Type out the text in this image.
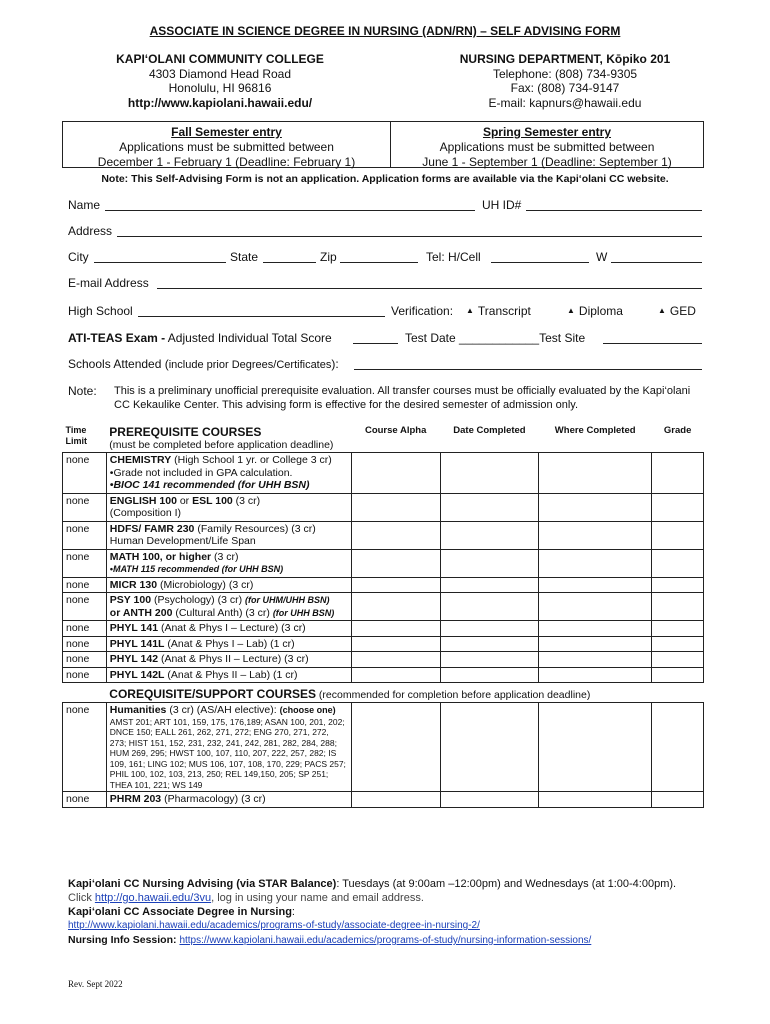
ASSOCIATE IN SCIENCE DEGREE IN NURSING (ADN/RN) – SELF ADVISING FORM
KAPI‘OLANI COMMUNITY COLLEGE
4303 Diamond Head Road
Honolulu, HI 96816
http://www.kapiolani.hawaii.edu/
NURSING DEPARTMENT, Kōpiko 201
Telephone: (808) 734-9305
Fax: (808) 734-9147
E-mail: kapnurs@hawaii.edu
Fall Semester entry
Applications must be submitted between
December 1 - February 1 (Deadline: February 1)
Spring Semester entry
Applications must be submitted between
June 1 - September 1 (Deadline: September 1)
Note: This Self-Advising Form is not an application. Application forms are available via the Kapi‘olani CC website.
Name	UH ID#
Address
City	State	Zip	Tel: H/Cell	W
E-mail Address
High School	Verification: ▲ Transcript	▲ Diploma	▲ GED
ATI-TEAS Exam - Adjusted Individual Total Score	Test Date ____________Test Site
Schools Attended (include prior Degrees/Certificates):
Note: This is a preliminary unofficial prerequisite evaluation. All transfer courses must be officially evaluated by the Kapi‘olani CC Kekaulike Center. This advising form is effective for the desired semester of admission only.
Time Limit	PREREQUISITE COURSES
(must be completed before application deadline)	Course Alpha	Date Completed	Where Completed	Grade
none	CHEMISTRY (High School 1 yr. or College 3 cr)
•Grade not included in GPA calculation.
•BIOC 141 recommended (for UHH BSN)				
none	ENGLISH 100 or ESL 100 (3 cr)
(Composition I)				
none	HDFS/ FAMR 230 (Family Resources) (3 cr)
Human Development/Life Span				
none	MATH 100, or higher (3 cr)
•MATH 115 recommended (for UHH BSN)				
none	MICR 130 (Microbiology) (3 cr)				
none	PSY 100 (Psychology) (3 cr) (for UHM/UHH BSN)
or ANTH 200 (Cultural Anth) (3 cr) (for UHH BSN)				
none	PHYL 141 (Anat & Phys I – Lecture) (3 cr)				
none	PHYL 141L (Anat & Phys I – Lab) (1 cr)				
none	PHYL 142 (Anat & Phys II – Lecture) (3 cr)				
none	PHYL 142L (Anat & Phys II – Lab) (1 cr)				
	COREQUISITE/SUPPORT COURSES (recommended for completion before application deadline)				
none	Humanities (3 cr) (AS/AH elective): (choose one)
AMST 201; ART 101, 159, 175, 176,189; ASAN 100, 201, 202; DNCE 150; EALL 261, 262, 271, 272; ENG 270, 271, 272, 273; HIST 151, 152, 231, 232, 241, 242, 281, 282, 284, 288; HUM 269, 295; HWST 100, 107, 110, 207, 222, 257, 282; IS 109, 161; LING 102; MUS 106, 107, 108, 170, 229; PACS 257; PHIL 100, 102, 103, 213, 250; REL 149,150, 205; SP 251; THEA 101, 221; WS 149				

none	PHRM 203 (Pharmacology) (3 cr)				
Kapi‘olani CC Nursing Advising (via STAR Balance): Tuesdays (at 9:00am –12:00pm) and Wednesdays (at 1:00-4:00pm).
Click http://go.hawaii.edu/3vu, log in using your name and email address.
Kapi‘olani CC Associate Degree in Nursing:
http://www.kapiolani.hawaii.edu/academics/programs-of-study/associate-degree-in-nursing-2/
Nursing Info Session: https://www.kapiolani.hawaii.edu/academics/programs-of-study/nursing-information-sessions/
Rev. Sept 2022
